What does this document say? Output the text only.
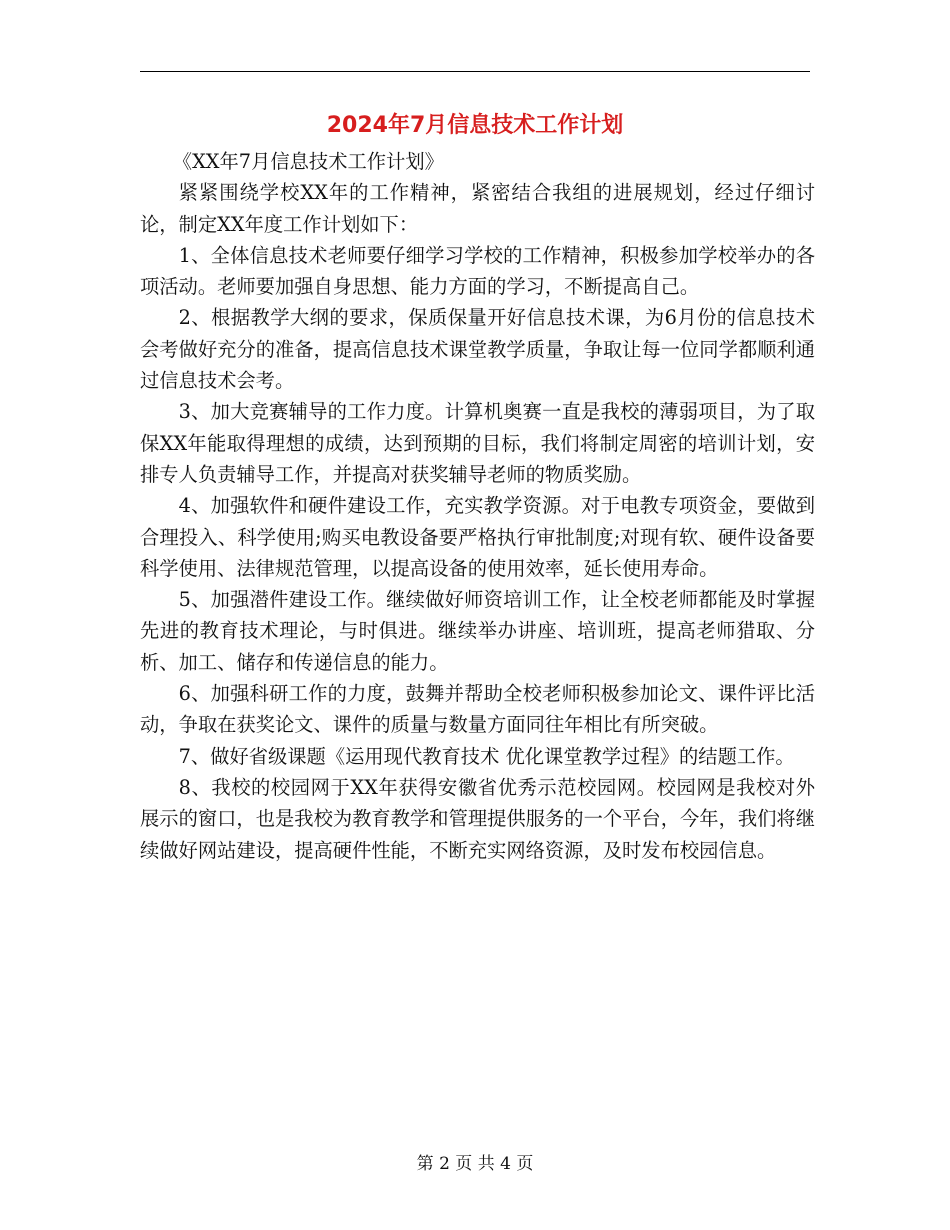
2024年7月信息技术工作计划

《XX年7月信息技术工作计划》

紧紧围绕学校XX年的工作精神，紧密结合我组的进展规划，经过仔细讨论，制定XX年度工作计划如下：

1、全体信息技术老师要仔细学习学校的工作精神，积极参加学校举办的各项活动。老师要加强自身思想、能力方面的学习，不断提高自己。

2、根据教学大纲的要求，保质保量开好信息技术课，为6月份的信息技术会考做好充分的准备，提高信息技术课堂教学质量，争取让每一位同学都顺利通过信息技术会考。

3、加大竞赛辅导的工作力度。计算机奥赛一直是我校的薄弱项目，为了取保XX年能取得理想的成绩，达到预期的目标，我们将制定周密的培训计划，安排专人负责辅导工作，并提高对获奖辅导老师的物质奖励。

4、加强软件和硬件建设工作，充实教学资源。对于电教专项资金，要做到合理投入、科学使用;购买电教设备要严格执行审批制度;对现有软、硬件设备要科学使用、法律规范管理，以提高设备的使用效率，延长使用寿命。

5、加强潜件建设工作。继续做好师资培训工作，让全校老师都能及时掌握先进的教育技术理论，与时俱进。继续举办讲座、培训班，提高老师猎取、分析、加工、储存和传递信息的能力。

6、加强科研工作的力度，鼓舞并帮助全校老师积极参加论文、课件评比活动，争取在获奖论文、课件的质量与数量方面同往年相比有所突破。

7、做好省级课题《运用现代教育技术 优化课堂教学过程》的结题工作。

8、我校的校园网于XX年获得安徽省优秀示范校园网。校园网是我校对外展示的窗口，也是我校为教育教学和管理提供服务的一个平台，今年，我们将继续做好网站建设，提高硬件性能，不断充实网络资源，及时发布校园信息。

第 2 页 共 4 页
